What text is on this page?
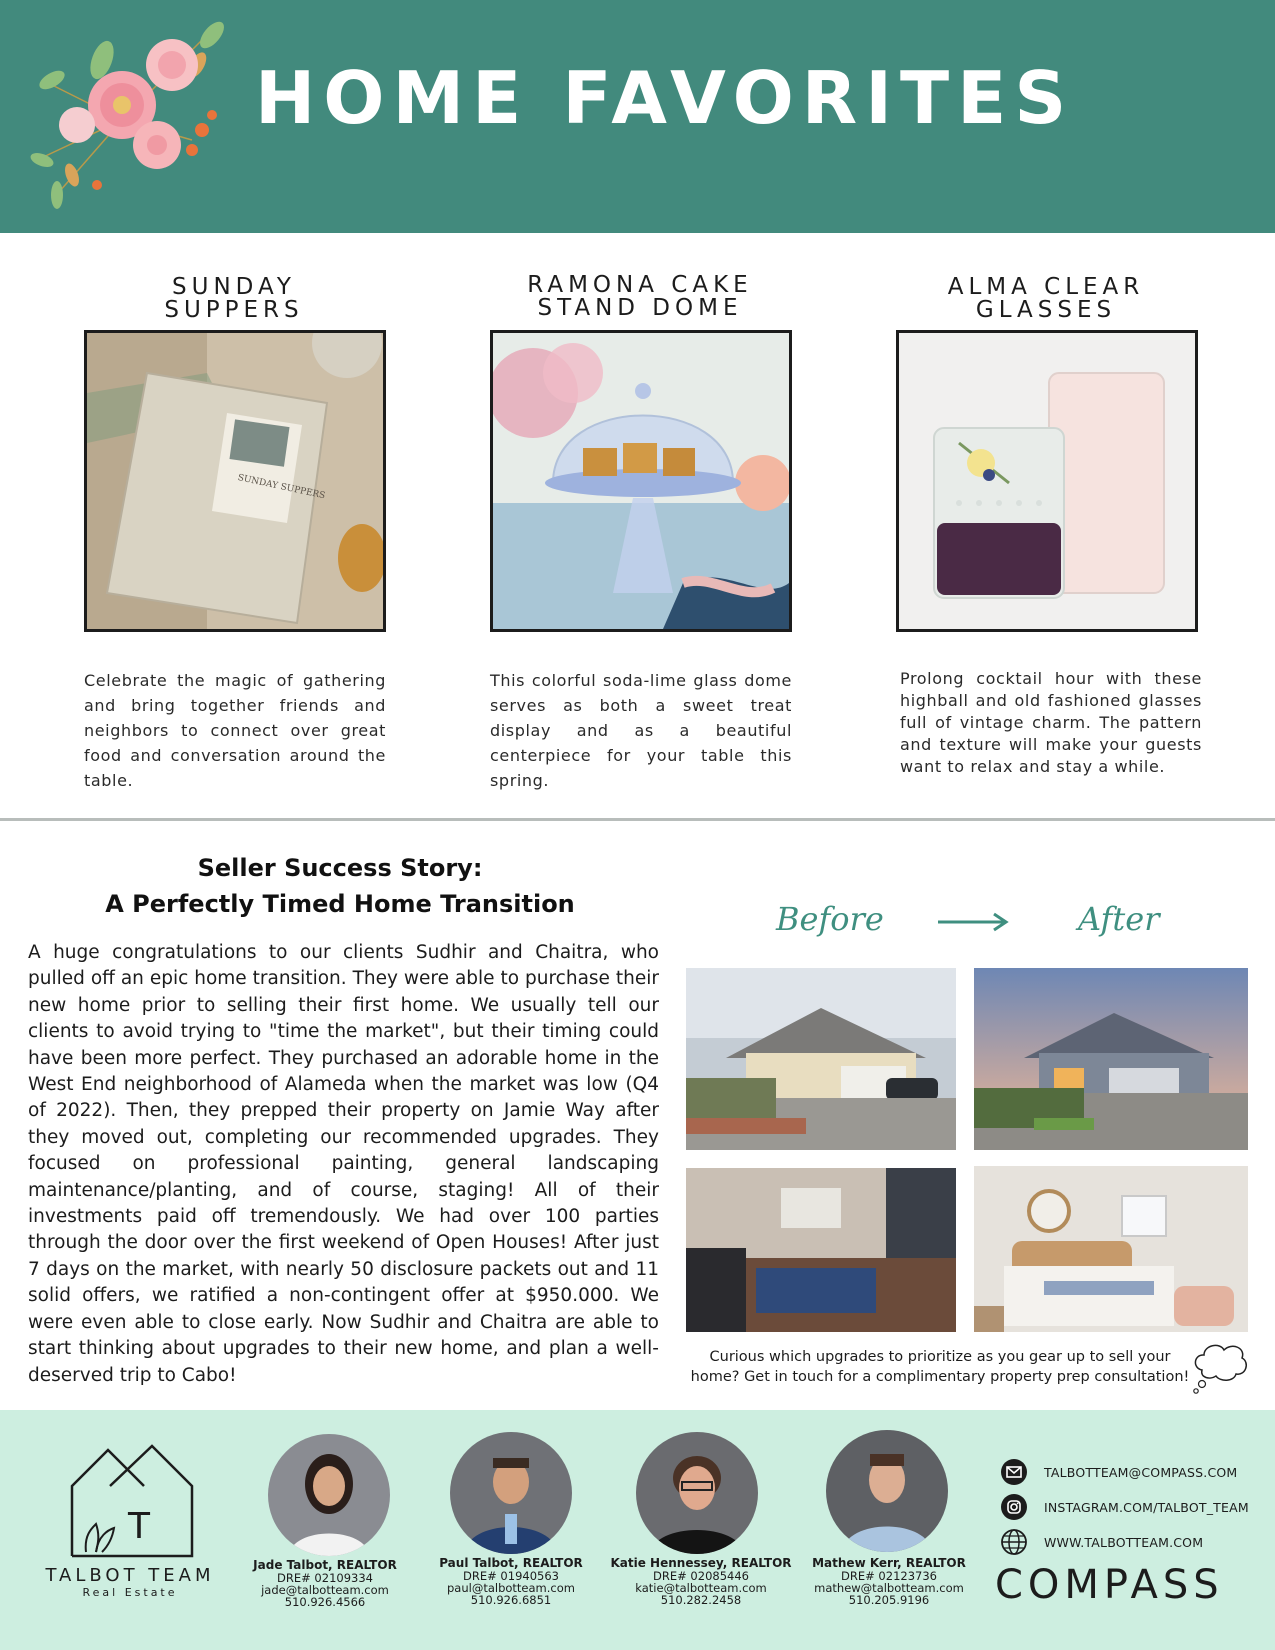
HOME FAVORITES
SUNDAY
SUPPERS
RAMONA CAKE
STAND DOME
ALMA CLEAR
GLASSES
SUNDAY SUPPERS
Celebrate the magic of gathering and bring together friends and neighbors to connect over great food and conversation around the table.
This colorful soda-lime glass dome serves as both a sweet treat display and as a beautiful centerpiece for your table this spring.
Prolong cocktail hour with these highball and old fashioned glasses full of vintage charm. The pattern and texture will make your guests want to relax and stay a while.
Seller Success Story:
A Perfectly Timed Home Transition
A huge congratulations to our clients Sudhir and Chaitra, who pulled off an epic home transition. They were able to purchase their new home prior to selling their first home. We usually tell our clients to avoid trying to "time the market", but their timing could have been more perfect. They purchased an adorable home in the West End neighborhood of Alameda when the market was low (Q4 of 2022). Then, they prepped their property on Jamie Way after they moved out, completing our recommended upgrades. They focused on professional painting, general landscaping maintenance/planting, and of course, staging! All of their investments paid off tremendously. We had over 100 parties through the door over the first weekend of Open Houses! After just 7 days on the market, with nearly 50 disclosure packets out and 11 solid offers, we ratified a non-contingent offer at $950.000. We were even able to close early. Now Sudhir and Chaitra are able to start thinking about upgrades to their new home, and plan a well-deserved trip to Cabo!
Before	After
Curious which upgrades to prioritize as you gear up to sell your
home? Get in touch for a complimentary property prep consultation!
T
TALBOT TEAM
Real Estate
Jade Talbot, REALTOR
DRE# 02109334
jade@talbotteam.com
510.926.4566
Paul Talbot, REALTOR
DRE# 01940563
paul@talbotteam.com
510.926.6851
Katie Hennessey, REALTOR
DRE# 02085446
katie@talbotteam.com
510.282.2458
Mathew Kerr, REALTOR
DRE# 02123736
mathew@talbotteam.com
510.205.9196
TALBOTTEAM@COMPASS.COM
INSTAGRAM.COM/TALBOT_TEAM
WWW.TALBOTTEAM.COM
COMPASS
